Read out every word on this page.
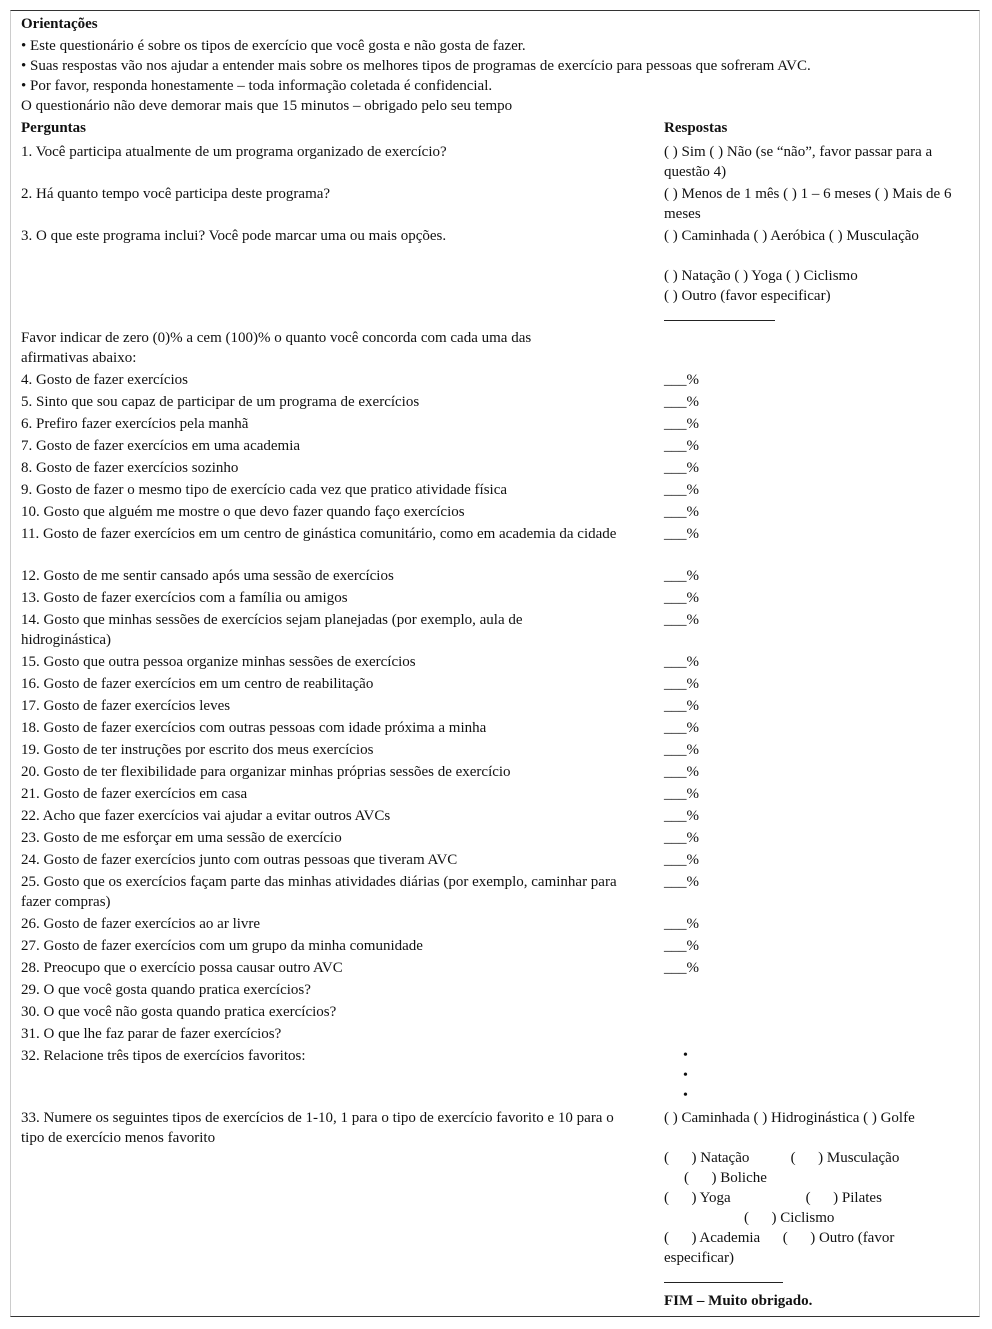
Orientações
• Este questionário é sobre os tipos de exercício que você gosta e não gosta de fazer.
• Suas respostas vão nos ajudar a entender mais sobre os melhores tipos de programas de exercício para pessoas que sofreram AVC.
• Por favor, responda honestamente – toda informação coletada é confidencial.
O questionário não deve demorar mais que 15 minutos – obrigado pelo seu tempo
Perguntas	Respostas
1. Você participa atualmente de um programa organizado de exercício?	( ) Sim ( ) Não (se “não”, favor passar para a questão 4)
2. Há quanto tempo você participa deste programa?	( ) Menos de 1 mês ( ) 1 – 6 meses ( ) Mais de 6 meses
3. O que este programa inclui? Você pode marcar uma ou mais opções.	( ) Caminhada ( ) Aeróbica ( ) Musculação
( ) Natação ( ) Yoga ( ) Ciclismo
( ) Outro (favor especificar)
Favor indicar de zero (0)% a cem (100)% o quanto você concorda com cada uma das afirmativas abaixo:
4. Gosto de fazer exercícios	___%
5. Sinto que sou capaz de participar de um programa de exercícios	___%
6. Prefiro fazer exercícios pela manhã	___%
7. Gosto de fazer exercícios em uma academia	___%
8. Gosto de fazer exercícios sozinho	___%
9. Gosto de fazer o mesmo tipo de exercício cada vez que pratico atividade física	___%
10. Gosto que alguém me mostre o que devo fazer quando faço exercícios	___%
11. Gosto de fazer exercícios em um centro de ginástica comunitário, como em academia da cidade	___%
12. Gosto de me sentir cansado após uma sessão de exercícios	___%
13. Gosto de fazer exercícios com a família ou amigos	___%
14. Gosto que minhas sessões de exercícios sejam planejadas (por exemplo, aula de hidroginástica)
___%
15. Gosto que outra pessoa organize minhas sessões de exercícios	___%
16. Gosto de fazer exercícios em um centro de reabilitação	___%
17. Gosto de fazer exercícios leves	___%
18. Gosto de fazer exercícios com outras pessoas com idade próxima a minha	___%
19. Gosto de ter instruções por escrito dos meus exercícios	___%
20. Gosto de ter flexibilidade para organizar minhas próprias sessões de exercício	___%
21. Gosto de fazer exercícios em casa	___%
22. Acho que fazer exercícios vai ajudar a evitar outros AVCs	___%
23. Gosto de me esforçar em uma sessão de exercício	___%
24. Gosto de fazer exercícios junto com outras pessoas que tiveram AVC	___%
25. Gosto que os exercícios façam parte das minhas atividades diárias (por exemplo, caminhar para fazer compras)
___%
26. Gosto de fazer exercícios ao ar livre	___%
27. Gosto de fazer exercícios com um grupo da minha comunidade	___%
28. Preocupo que o exercício possa causar outro AVC	___%
29. O que você gosta quando pratica exercícios?
30. O que você não gosta quando pratica exercícios?
31. O que lhe faz parar de fazer exercícios?
32. Relacione três tipos de exercícios favoritos:	•
•
•
33. Numere os seguintes tipos de exercícios de 1-10, 1 para o tipo de exercício favorito e 10 para o tipo de exercício menos favorito
( ) Caminhada ( ) Hidroginástica ( ) Golfe
(      ) Natação           (      ) Musculação
(      ) Boliche
(      ) Yoga                    (      ) Pilates
(      ) Ciclismo
(      ) Academia      (      ) Outro (favor especificar)
FIM – Muito obrigado.
